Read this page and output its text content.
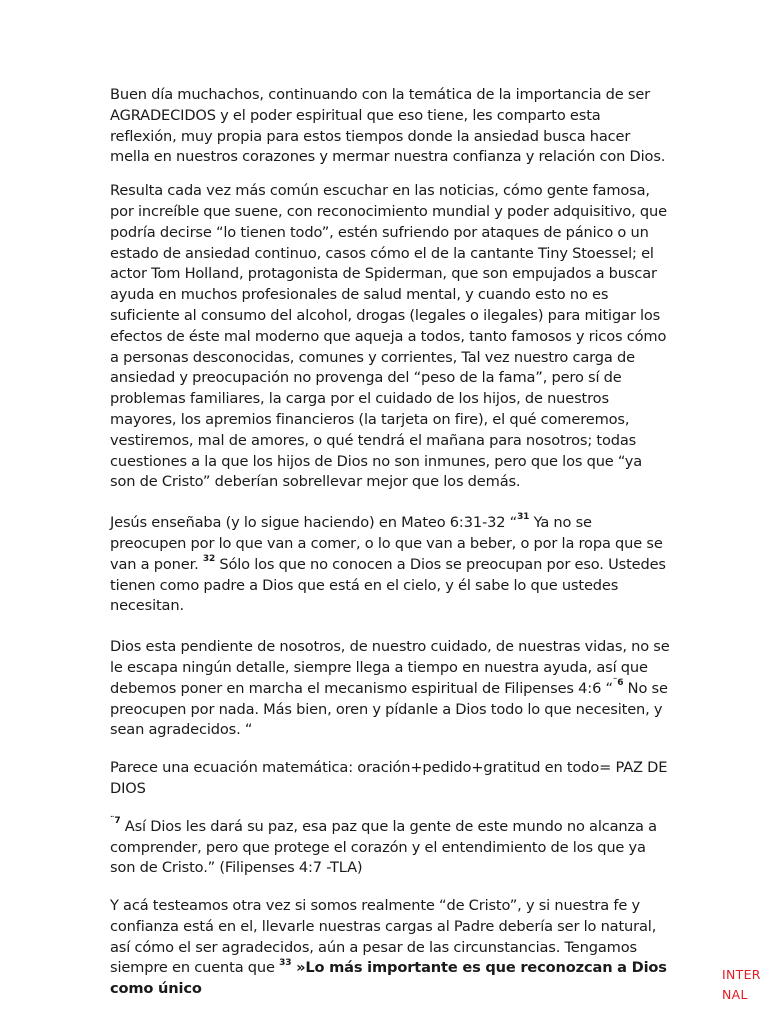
Buen día muchachos, continuando con la temática de la importancia de ser AGRADECIDOS y el poder espiritual que eso tiene, les comparto esta reflexión, muy propia para estos tiempos donde la ansiedad busca hacer mella en nuestros corazones y mermar nuestra confianza y relación con Dios.

Resulta cada vez más común escuchar en las noticias, cómo gente famosa, por increíble que suene, con reconocimiento mundial y poder adquisitivo, que podría decirse “lo tienen todo”, estén sufriendo por ataques de pánico o un estado de ansiedad continuo, casos cómo el de la cantante Tiny Stoessel; el actor Tom Holland, protagonista de Spiderman, que son empujados a buscar ayuda en muchos profesionales de salud mental, y cuando esto no es suficiente al consumo del alcohol, drogas (legales o ilegales) para mitigar los efectos de éste mal moderno que aqueja a todos, tanto famosos y ricos cómo a personas desconocidas, comunes y corrientes, Tal vez nuestro carga de ansiedad y preocupación no provenga del “peso de la fama”, pero sí de problemas familiares, la carga por el cuidado de los hijos, de nuestros mayores, los apremios financieros (la tarjeta on fire), el qué comeremos, vestiremos, mal de amores, o qué tendrá el mañana para nosotros; todas cuestiones a la que los hijos de Dios no son inmunes, pero que los que “ya son de Cristo” deberían sobrellevar mejor que los demás.

Jesús enseñaba (y lo sigue haciendo) en Mateo 6:31-32 “$^{31}$ Ya no se preocupen por lo que van a comer, o lo que van a beber, o por la ropa que se van a poner. $^{32}$ Sólo los que no conocen a Dios se preocupan por eso. Ustedes tienen como padre a Dios que está en el cielo, y él sabe lo que ustedes necesitan.

Dios esta pendiente de nosotros, de nuestro cuidado, de nuestras vidas, no se le escapa ningún detalle, siempre llega a tiempo en nuestra ayuda, así que debemos poner en marcha el mecanismo espiritual de Filipenses 4:6 “$^{¨6}$ No se preocupen por nada. Más bien, oren y pídanle a Dios todo lo que necesiten, y sean agradecidos. “

Parece una ecuación matemática: oración+pedido+gratitud en todo= PAZ DE DIOS

$^{¨7}$ Así Dios les dará su paz, esa paz que la gente de este mundo no alcanza a comprender, pero que protege el corazón y el entendimiento de los que ya son de Cristo.” (Filipenses 4:7 -TLA)

Y acá testeamos otra vez si somos realmente “de Cristo”, y si nuestra fe y confianza está en el, llevarle nuestras cargas al Padre debería ser lo natural, así cómo el ser agradecidos, aún a pesar de las circunstancias. Tengamos siempre en cuenta que $^{33}$ »Lo más importante es que reconozcan a Dios como único

INTER
NAL
